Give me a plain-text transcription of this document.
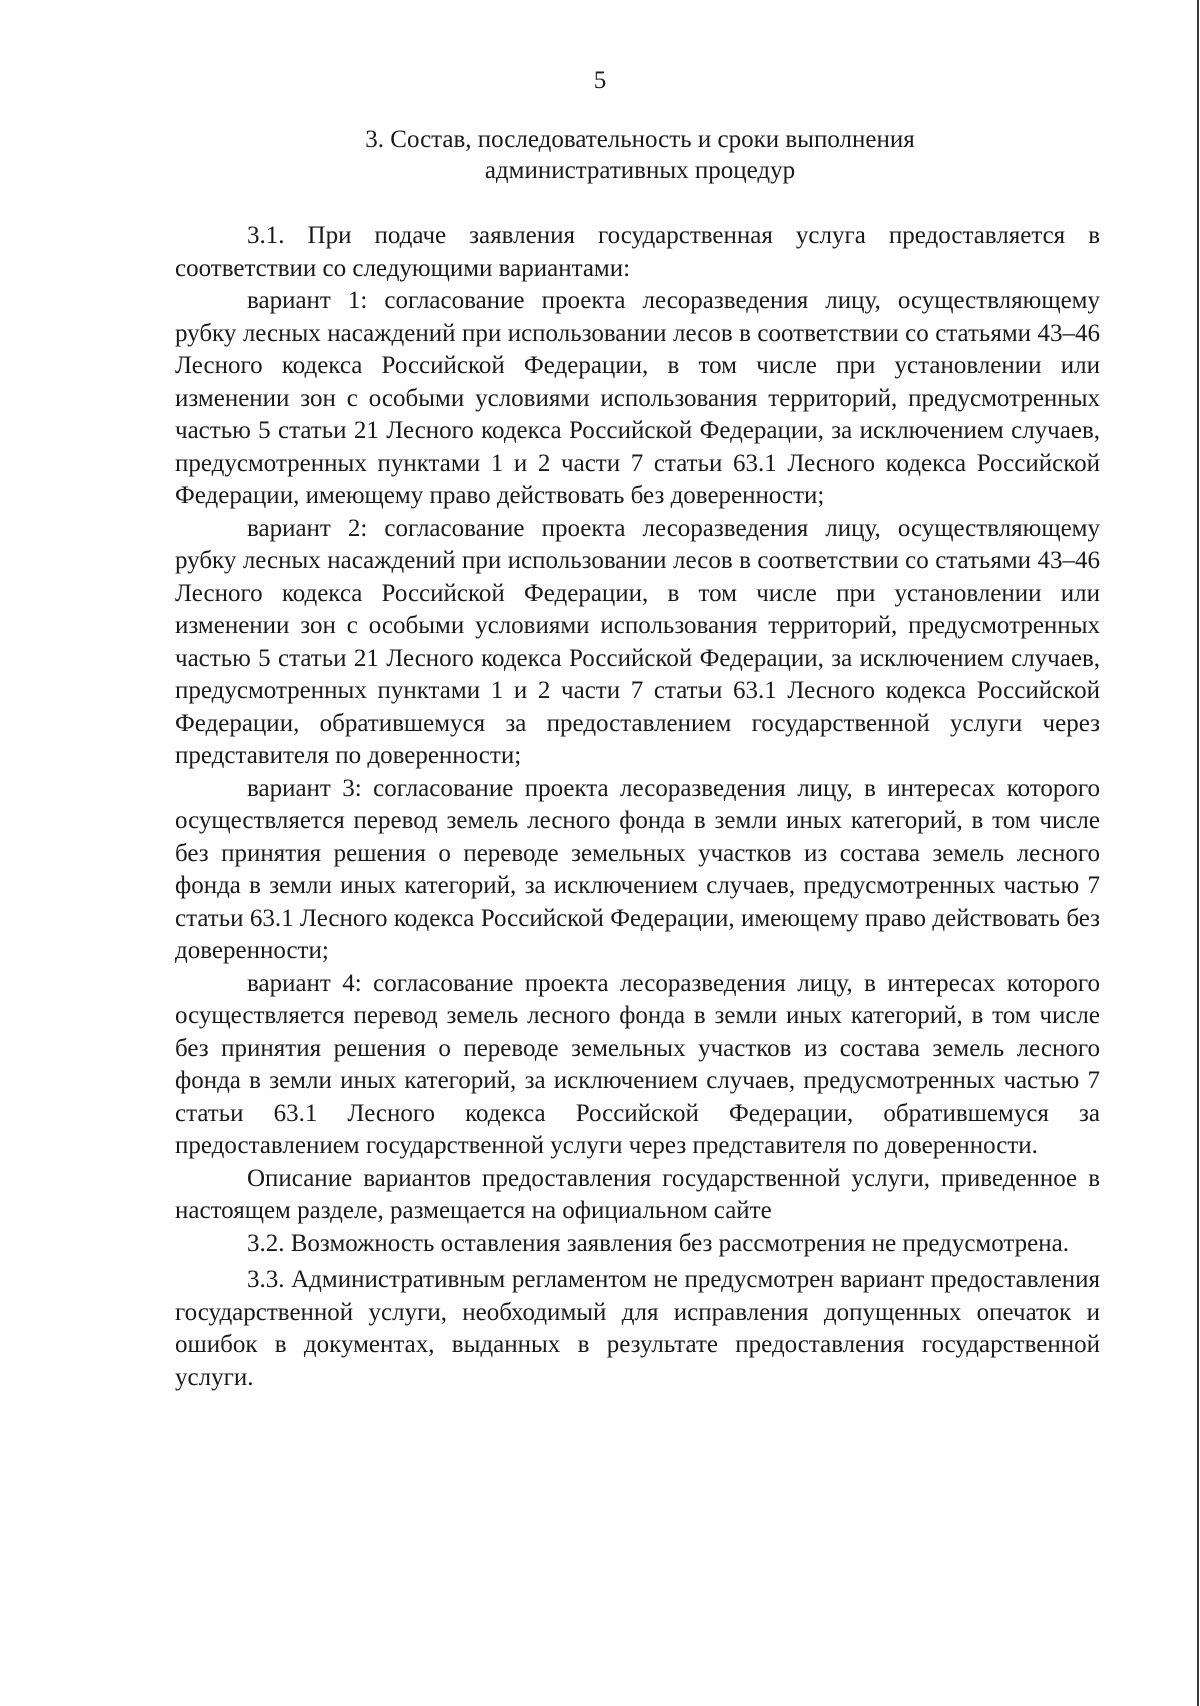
5
3. Состав, последовательность и сроки выполнения
административных процедур

3.1. При подаче заявления государственная услуга предоставляется в соответствии со следующими вариантами:

вариант 1: согласование проекта лесоразведения лицу, осуществляющему рубку лесных насаждений при использовании лесов в соответствии со статьями 43–46 Лесного кодекса Российской Федерации, в том числе при установлении или изменении зон с особыми условиями использования территорий, предусмотренных частью 5 статьи 21 Лесного кодекса Российской Федерации, за исключением случаев, предусмотренных пунктами 1 и 2 части 7 статьи 63.1 Лесного кодекса Российской Федерации, имеющему право действовать без доверенности;

вариант 2: согласование проекта лесоразведения лицу, осуществляющему рубку лесных насаждений при использовании лесов в соответствии со статьями 43–46 Лесного кодекса Российской Федерации, в том числе при установлении или изменении зон с особыми условиями использования территорий, предусмотренных частью 5 статьи 21 Лесного кодекса Российской Федерации, за исключением случаев, предусмотренных пунктами 1 и 2 части 7 статьи 63.1 Лесного кодекса Российской Федерации, обратившемуся за предоставлением государственной услуги через представителя по доверенности;

вариант 3: согласование проекта лесоразведения лицу, в интересах которого осуществляется перевод земель лесного фонда в земли иных категорий, в том числе без принятия решения о переводе земельных участков из состава земель лесного фонда в земли иных категорий, за исключением случаев, предусмотренных частью 7 статьи 63.1 Лесного кодекса Российской Федерации, имеющему право действовать без доверенности;

вариант 4: согласование проекта лесоразведения лицу, в интересах которого осуществляется перевод земель лесного фонда в земли иных категорий, в том числе без принятия решения о переводе земельных участков из состава земель лесного фонда в земли иных категорий, за исключением случаев, предусмотренных частью 7 статьи 63.1 Лесного кодекса Российской Федерации, обратившемуся за предоставлением государственной услуги через представителя по доверенности.

Описание вариантов предоставления государственной услуги, приведенное в настоящем разделе, размещается на официальном сайте

3.2. Возможность оставления заявления без рассмотрения не предусмотрена.

3.3. Административным регламентом не предусмотрен вариант предоставления государственной услуги, необходимый для исправления допущенных опечаток и ошибок в документах, выданных в результате предоставления государственной услуги.
